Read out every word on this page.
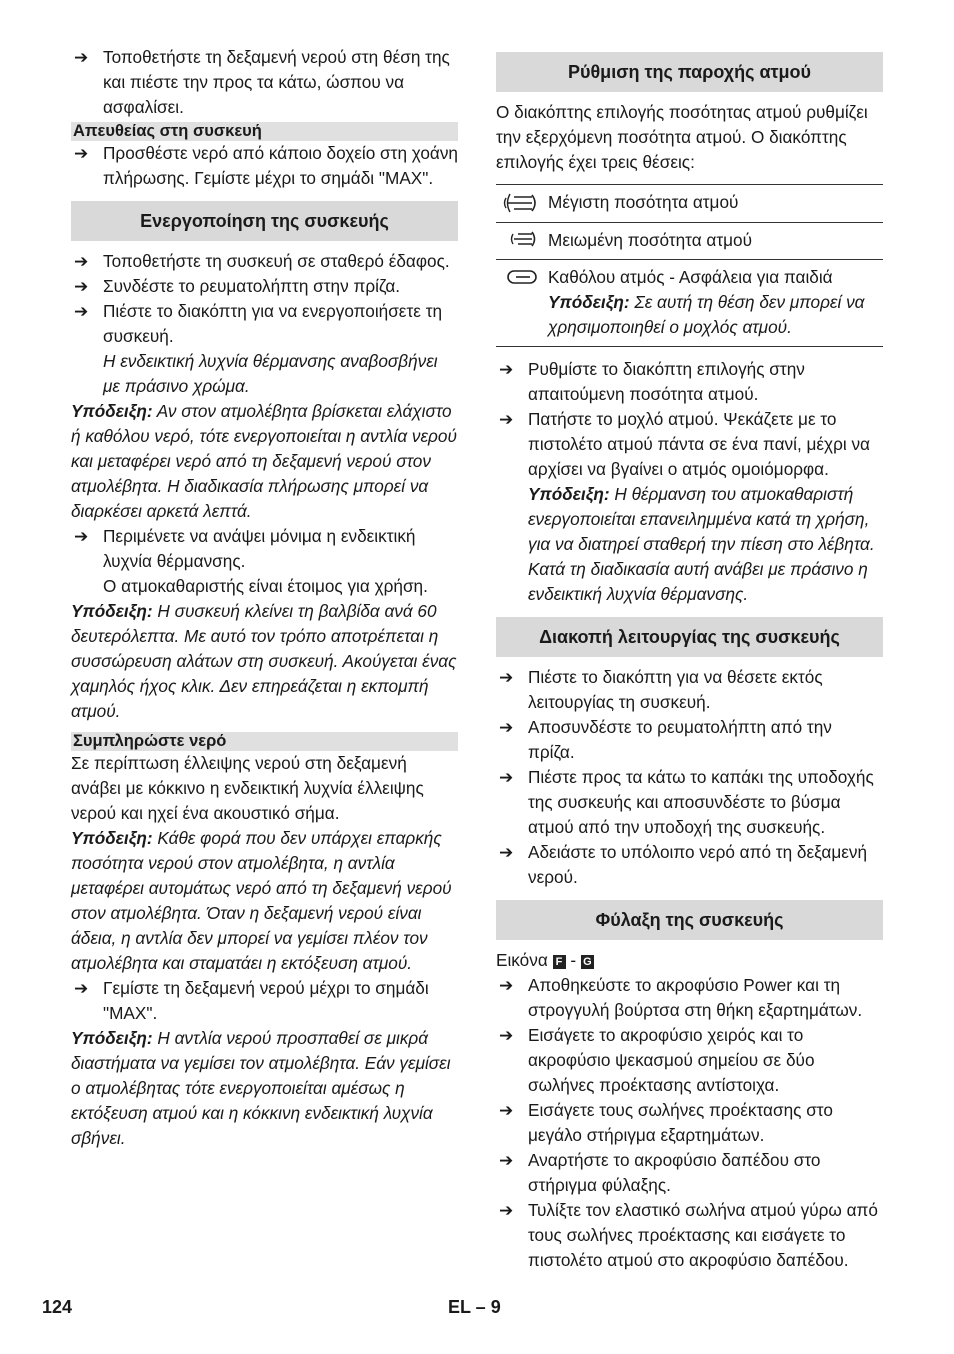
➔ Τοποθετήστε τη δεξαμενή νερού στη θέση της και πιέστε την προς τα κάτω, ώσπου να ασφαλίσει.

Απευθείας στη συσκευή

➔ Προσθέστε νερό από κάποιο δοχείο στη χοάνη πλήρωσης. Γεμίστε μέχρι το σημάδι "MAX".

Ενεργοποίηση της συσκευής

➔ Τοποθετήστε τη συσκευή σε σταθερό έδαφος.

➔ Συνδέστε το ρευματολήπτη στην πρίζα.

➔ Πιέστε το διακόπτη για να ενεργοποιήσετε τη συσκευή.

Η ενδεικτική λυχνία θέρμανσης αναβοσβήνει με πράσινο χρώμα.

Υπόδειξη: Αν στον ατμολέβητα βρίσκεται ελάχιστο ή καθόλου νερό, τότε ενεργοποιείται η αντλία νερού και μεταφέρει νερό από τη δεξαμενή νερού στον ατμολέβητα. Η διαδικασία πλήρωσης μπορεί να διαρκέσει αρκετά λεπτά.

➔ Περιμένετε να ανάψει μόνιμα η ενδεικτική λυχνία θέρμανσης.

Ο ατμοκαθαριστής είναι έτοιμος για χρήση.

Υπόδειξη: Η συσκευή κλείνει τη βαλβίδα ανά 60 δευτερόλεπτα. Με αυτό τον τρόπο αποτρέπεται η συσσώρευση αλάτων στη συσκευή. Ακούγεται ένας χαμηλός ήχος κλικ. Δεν επηρεάζεται η εκπομπή ατμού.

Συμπληρώστε νερό

Σε περίπτωση έλλειψης νερού στη δεξαμενή ανάβει με κόκκινο η ενδεικτική λυχνία έλλειψης νερού και ηχεί ένα ακουστικό σήμα.

Υπόδειξη: Κάθε φορά που δεν υπάρχει επαρκής ποσότητα νερού στον ατμολέβητα, η αντλία μεταφέρει αυτομάτως νερό από τη δεξαμενή νερού στον ατμολέβητα. Όταν η δεξαμενή νερού είναι άδεια, η αντλία δεν μπορεί να γεμίσει πλέον τον ατμολέβητα και σταματάει η εκτόξευση ατμού.

➔ Γεμίστε τη δεξαμενή νερού μέχρι το σημάδι "MAX".

Υπόδειξη: Η αντλία νερού προσπαθεί σε μικρά διαστήματα να γεμίσει τον ατμολέβητα. Εάν γεμίσει ο ατμολέβητας τότε ενεργοποιείται αμέσως η εκτόξευση ατμού και η κόκκινη ενδεικτική λυχνία σβήνει.

Ρύθμιση της παροχής ατμού

Ο διακόπτης επιλογής ποσότητας ατμού ρυθμίζει την εξερχόμενη ποσότητα ατμού. Ο διακόπτης επιλογής έχει τρεις θέσεις:

	Μέγιστη ποσότητα ατμού

	Μειωμένη ποσότητα ατμού

	Καθόλου ατμός - Ασφάλεια για παιδιά
Υπόδειξη: Σε αυτή τη θέση δεν μπορεί να χρησιμοποιηθεί ο μοχλός ατμού.

➔ Ρυθμίστε το διακόπτη επιλογής στην απαιτούμενη ποσότητα ατμού.

➔ Πατήστε το μοχλό ατμού. Ψεκάζετε με το πιστολέτο ατμού πάντα σε ένα πανί, μέχρι να αρχίσει να βγαίνει ο ατμός ομοιόμορφα.

Υπόδειξη: Η θέρμανση του ατμοκαθαριστή ενεργοποιείται επανειλημμένα κατά τη χρήση, για να διατηρεί σταθερή την πίεση στο λέβητα. Κατά τη διαδικασία αυτή ανάβει με πράσινο η ενδεικτική λυχνία θέρμανσης.

Διακοπή λειτουργίας της συσκευής

➔ Πιέστε το διακόπτη για να θέσετε εκτός λειτουργίας τη συσκευή.

➔ Αποσυνδέστε το ρευματολήπτη από την πρίζα.

➔ Πιέστε προς τα κάτω το καπάκι της υποδοχής της συσκευής και αποσυνδέστε το βύσμα ατμού από την υποδοχή της συσκευής.

➔ Αδειάστε το υπόλοιπο νερό από τη δεξαμενή νερού.

Φύλαξη της συσκευής

Εικόνα F - G

➔ Αποθηκεύστε το ακροφύσιο Power και τη στρογγυλή βούρτσα στη θήκη εξαρτημάτων.

➔ Εισάγετε το ακροφύσιο χειρός και το ακροφύσιο ψεκασμού σημείου σε δύο σωλήνες προέκτασης αντίστοιχα.

➔ Εισάγετε τους σωλήνες προέκτασης στο μεγάλο στήριγμα εξαρτημάτων.

➔ Αναρτήστε το ακροφύσιο δαπέδου στο στήριγμα φύλαξης.

➔ Τυλίξτε τον ελαστικό σωλήνα ατμού γύρω από τους σωλήνες προέκτασης και εισάγετε το πιστολέτο ατμού στο ακροφύσιο δαπέδου.

124	EL – 9
